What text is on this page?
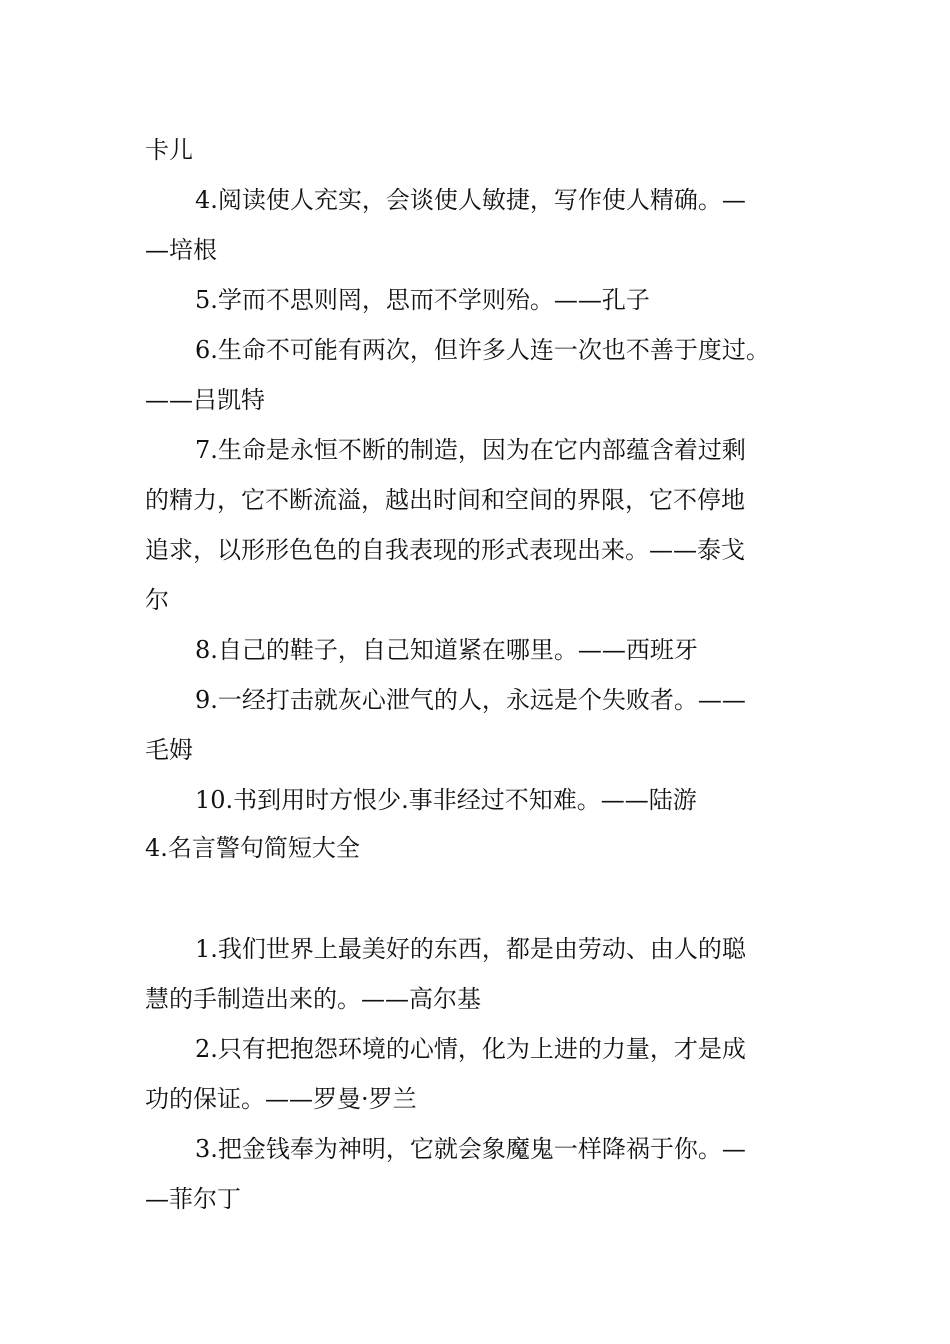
卡儿
4.阅读使人充实，会谈使人敏捷，写作使人精确。—
—培根
5.学而不思则罔，思而不学则殆。——孔子
6.生命不可能有两次，但许多人连一次也不善于度过。
——吕凯特
7.生命是永恒不断的制造，因为在它内部蕴含着过剩
的精力，它不断流溢，越出时间和空间的界限，它不停地
追求，以形形色色的自我表现的形式表现出来。——泰戈
尔
8.自己的鞋子，自己知道紧在哪里。——西班牙
9.一经打击就灰心泄气的人，永远是个失败者。——
毛姆
10.书到用时方恨少.事非经过不知难。——陆游
4.名言警句简短大全
1.我们世界上最美好的东西，都是由劳动、由人的聪
慧的手制造出来的。——高尔基
2.只有把抱怨环境的心情，化为上进的力量，才是成
功的保证。——罗曼·罗兰
3.把金钱奉为神明，它就会象魔鬼一样降祸于你。—
—菲尔丁
